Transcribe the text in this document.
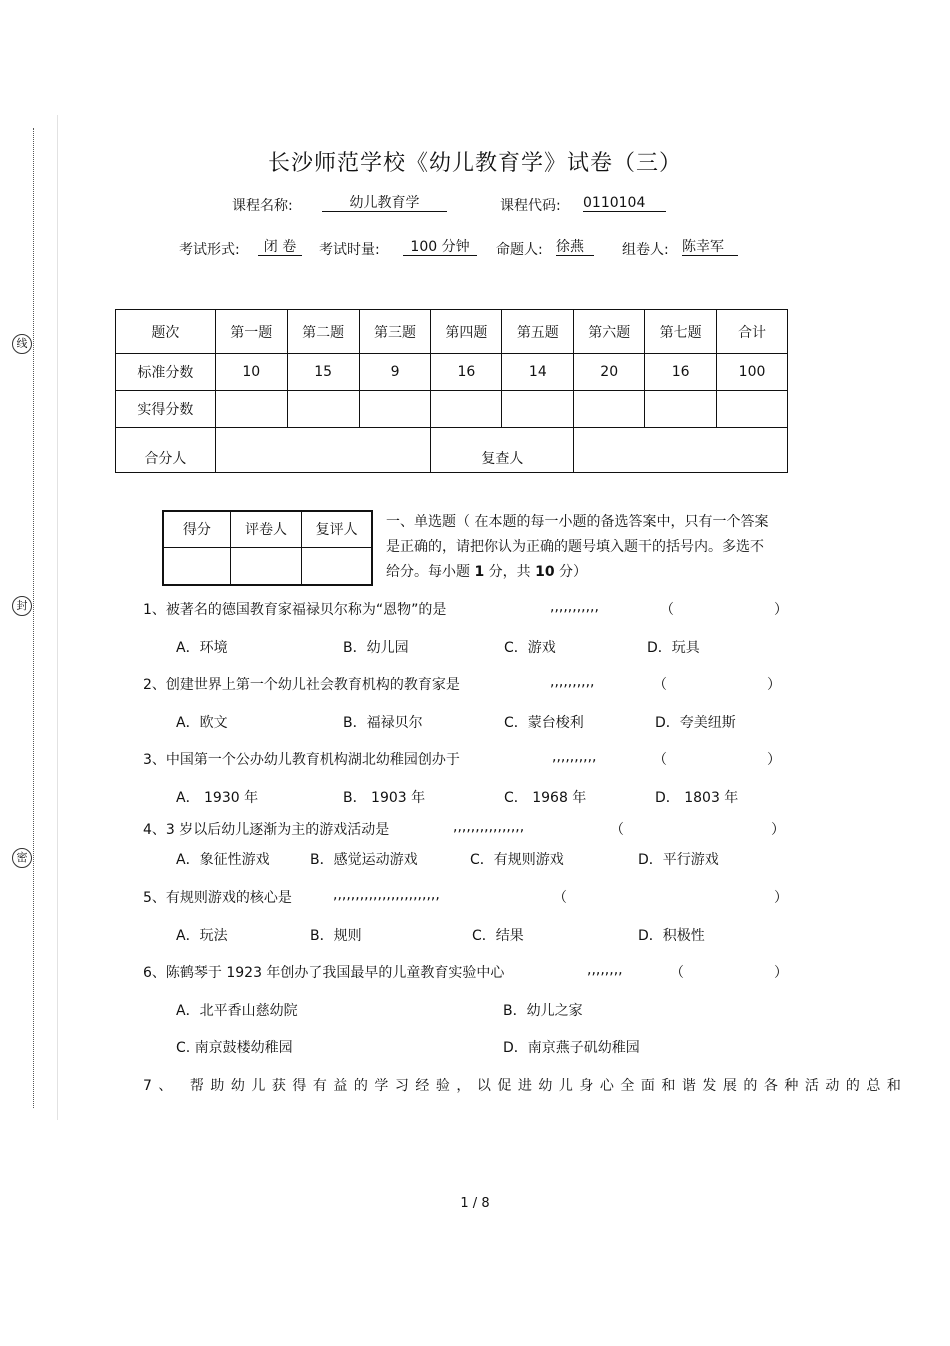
线
封
密
长沙师范学校《幼儿教育学》试卷（三）
课程名称:	幼儿教育学	课程代码: 0110104
考试形式:	闭 卷	考试时量:	100 分钟	命题人: 徐燕	组卷人: 陈幸军
题次	第一题	第二题	第三题	第四题	第五题	第六题	第七题	合计
标准分数	10	15	9	16	14	20	16	100
实得分数								
合分人				复查人				
得分	评卷人	复评人

一、单选题（ 在本题的每一小题的备选答案中，只有一个答案
是正确的，请把你认为正确的题号填入题干的括号内。多选不
给分。每小题 1 分，共 10 分）
1、被著名的德国教育家福禄贝尔称为“恩物”的是	,,,,,,,,,,,	（	）
A．环境	B．幼儿园	C．游戏	D．玩具
2、创建世界上第一个幼儿社会教育机构的教育家是	,,,,,,,,,,	（	）
A．欧文	B．福禄贝尔	C．蒙台梭利	D．夸美纽斯
3、中国第一个公办幼儿教育机构湖北幼稚园创办于	,,,,,,,,,,	（	）
A． 1930 年	B． 1903 年	C． 1968 年	D． 1803 年
4、3 岁以后幼儿逐渐为主的游戏活动是	,,,,,,,,,,,,,,,,	（	）
A．象征性游戏	B．感觉运动游戏	C．有规则游戏	D．平行游戏
5、有规则游戏的核心是	,,,,,,,,,,,,,,,,,,,,,,,,	（	）
A．玩法	B．规则	C．结果	D．积极性
6、陈鹤琴于 1923 年创办了我国最早的儿童教育实验中心	,,,,,,,,	（	）
A．北平香山慈幼院	B．幼儿之家
C. 南京鼓楼幼稚园	D．南京燕子矶幼稚园
7、 帮助幼儿获得有益的学习经验，以促进幼儿身心全面和谐发展的各种活动的总和
1 / 8
